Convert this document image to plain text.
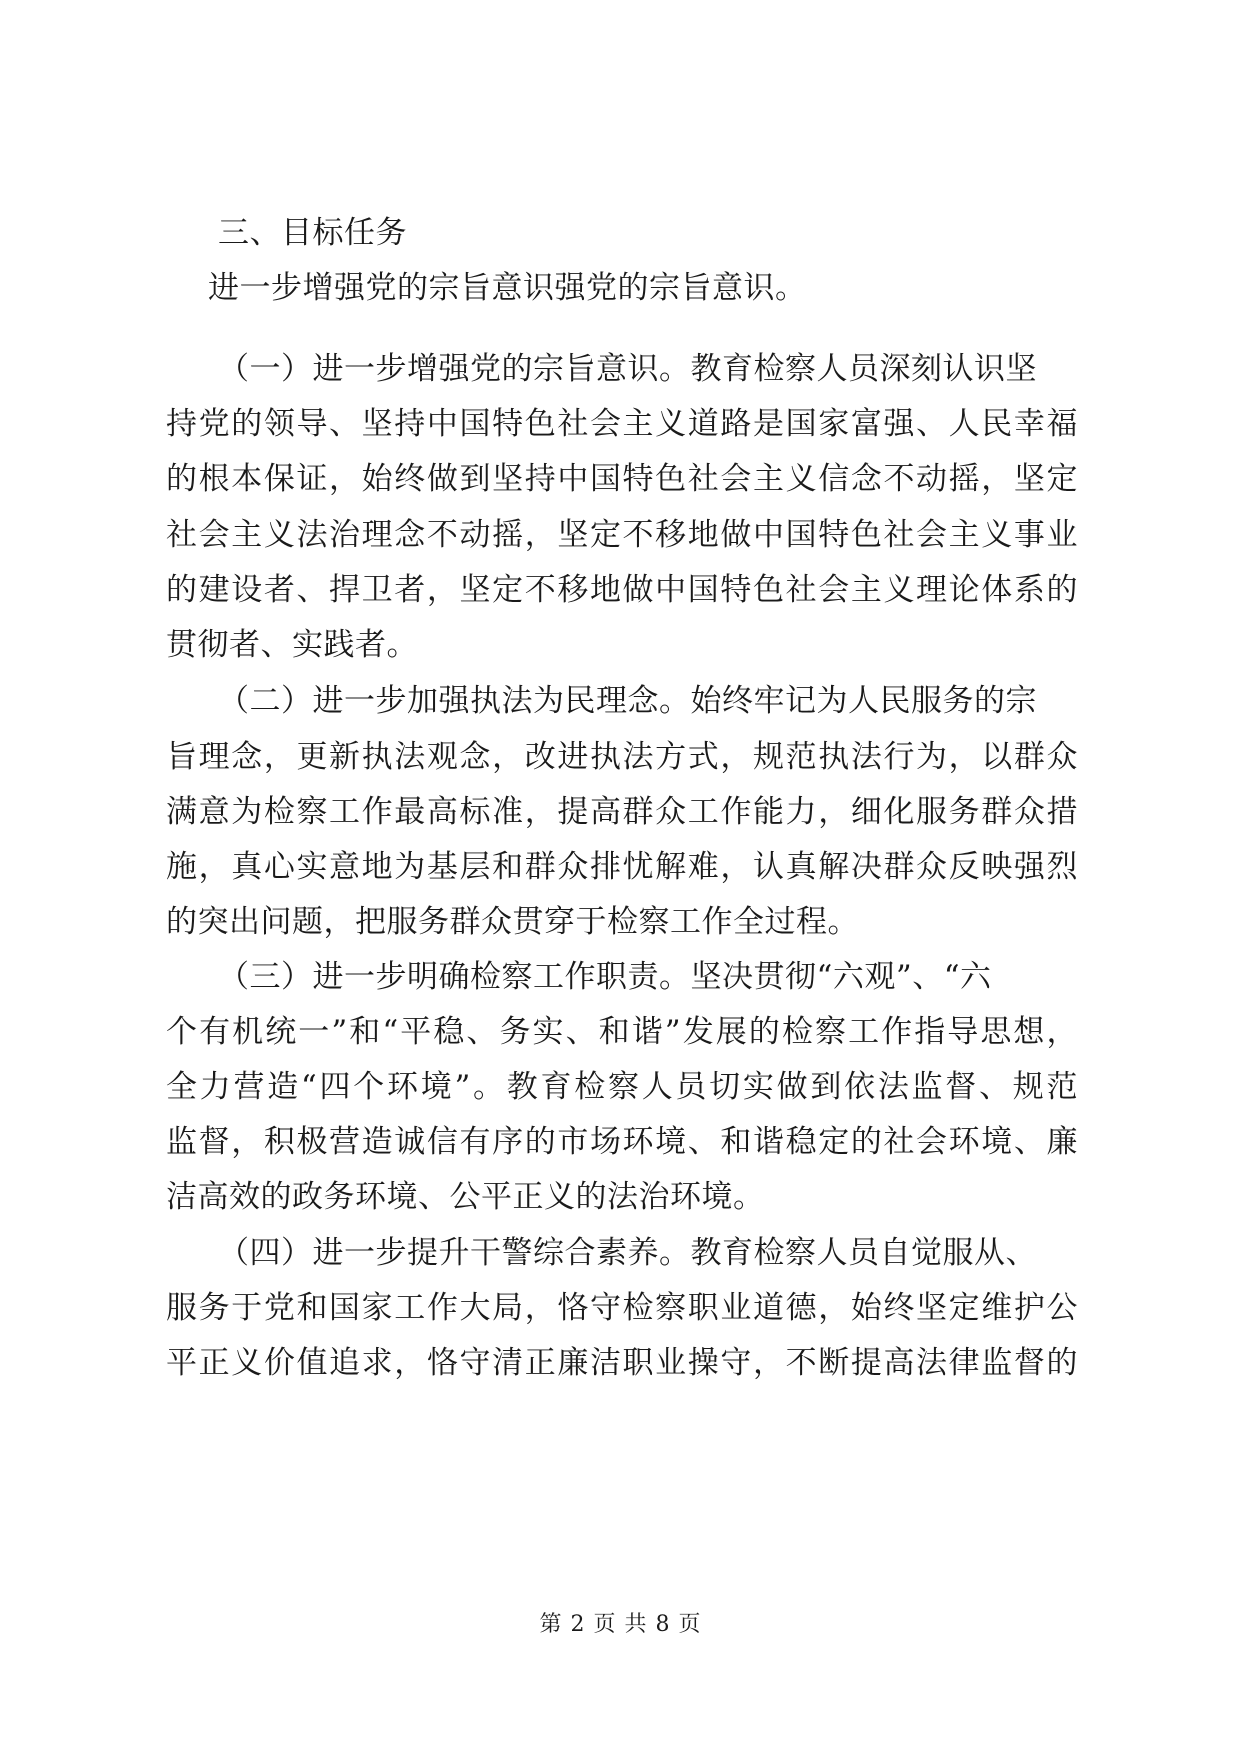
三、目标任务
进一步增强党的宗旨意识强党的宗旨意识。
（一）进一步增强党的宗旨意识。教育检察人员深刻认识坚
持党的领导、坚持中国特色社会主义道路是国家富强、人民幸福
的根本保证，始终做到坚持中国特色社会主义信念不动摇，坚定
社会主义法治理念不动摇，坚定不移地做中国特色社会主义事业
的建设者、捍卫者，坚定不移地做中国特色社会主义理论体系的
贯彻者、实践者。
（二）进一步加强执法为民理念。始终牢记为人民服务的宗
旨理念，更新执法观念，改进执法方式，规范执法行为，以群众
满意为检察工作最高标准，提高群众工作能力，细化服务群众措
施，真心实意地为基层和群众排忧解难，认真解决群众反映强烈
的突出问题，把服务群众贯穿于检察工作全过程。
（三）进一步明确检察工作职责。坚决贯彻“六观”、“六
个有机统一”和“平稳、务实、和谐”发展的检察工作指导思想，
全力营造“四个环境”。教育检察人员切实做到依法监督、规范
监督，积极营造诚信有序的市场环境、和谐稳定的社会环境、廉
洁高效的政务环境、公平正义的法治环境。
（四）进一步提升干警综合素养。教育检察人员自觉服从、
服务于党和国家工作大局，恪守检察职业道德，始终坚定维护公
平正义价值追求，恪守清正廉洁职业操守，不断提高法律监督的
第 2 页 共 8 页
